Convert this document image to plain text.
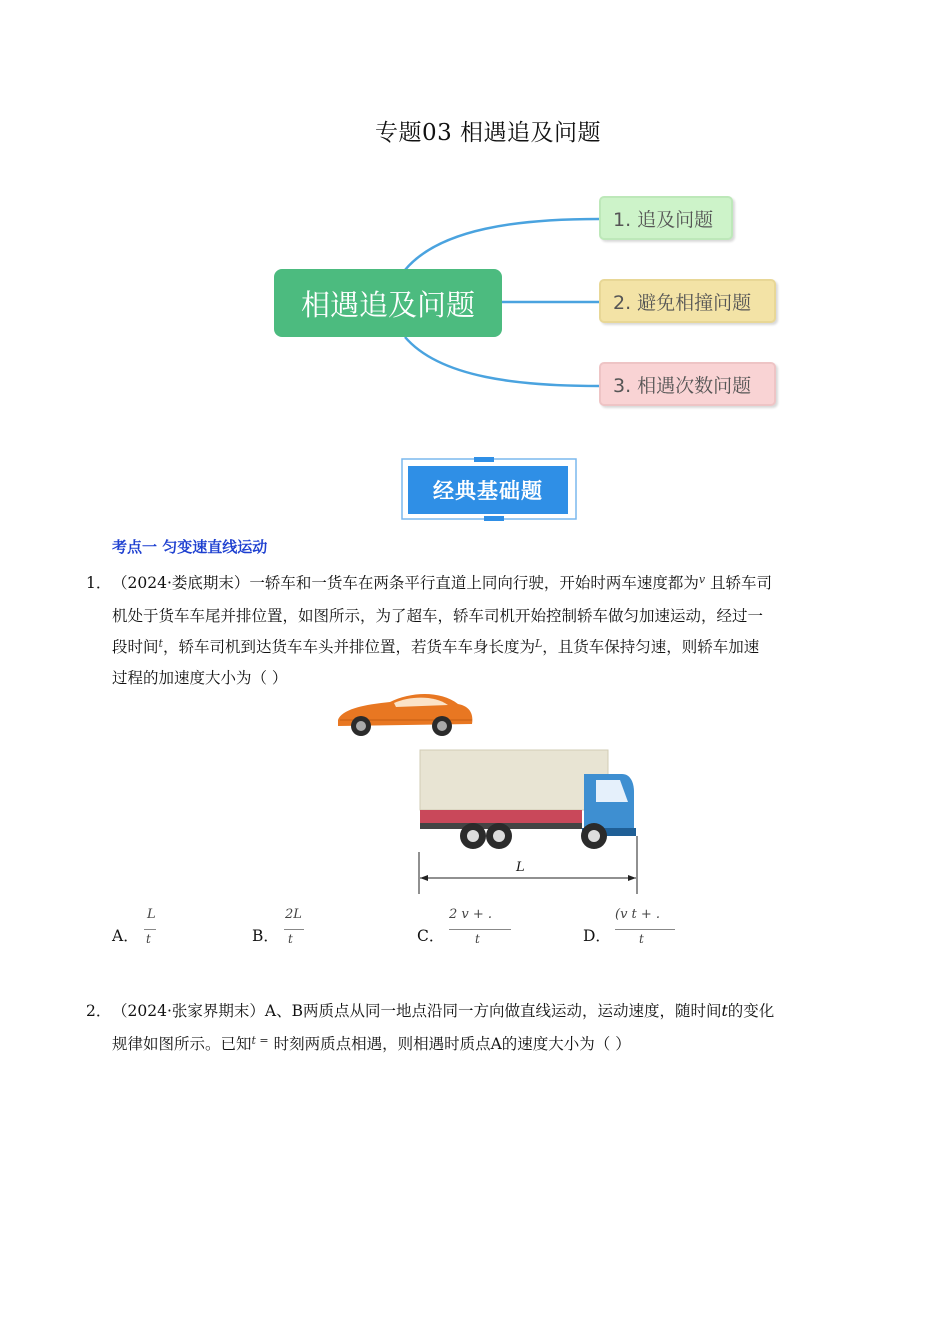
专题03 相遇追及问题
相遇追及问题
1. 追及问题
2. 避免相撞问题
3. 相遇次数问题
经典基础题
考点一 匀变速直线运动
1． （2024·娄底期末）一轿车和一货车在两条平行直道上同向行驶，开始时两车速度都为$^v$ 且轿车司
机处于货车车尾并排位置，如图所示，为了超车，轿车司机开始控制轿车做匀加速运动，经过一
段时间$^t$，轿车司机到达货车车头并排位置，若货车车身长度为$^L$，且货车保持匀速，则轿车加速
过程的加速度大小为（ ）
L
A．
L
t	B．
2L
t	C．
2 v + .
t	D．
(v t + .
t
2． （2024·张家界期末）A、B两质点从同一地点沿同一方向做直线运动，运动速度，随时间t的变化
规律如图所示。已知$^{t =}$ 时刻两质点相遇，则相遇时质点A的速度大小为（ ）
